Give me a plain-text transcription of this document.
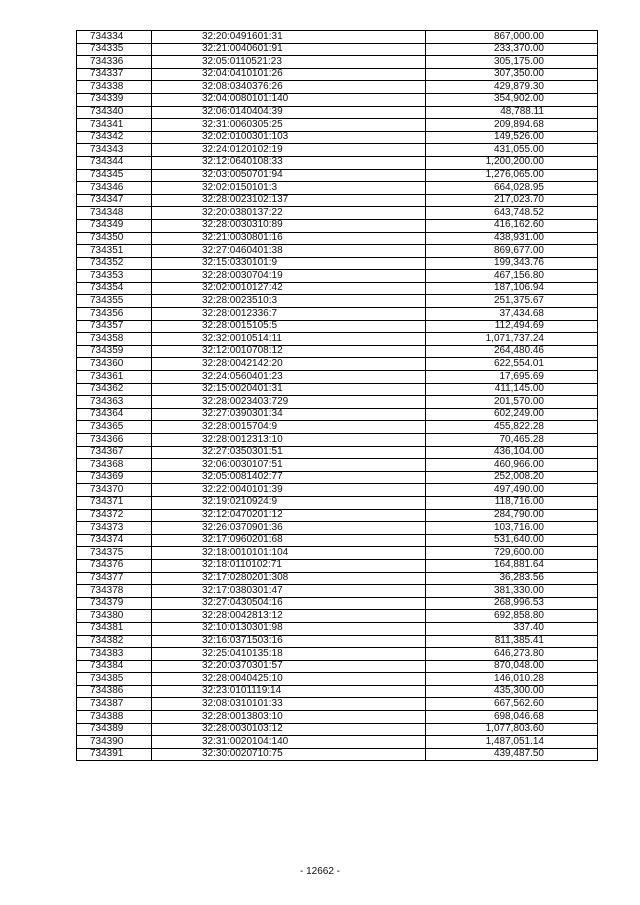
734334	32:20:0491601:31	867,000.00
734335	32:21:0040601:91	233,370.00
734336	32:05:0110521:23	305,175.00
734337	32:04:0410101:26	307,350.00
734338	32:08:0340376:26	429,879.30
734339	32:04:0080101:140	354,902.00
734340	32:06:0140404:39	48,788.11
734341	32:31:0060305:25	209,894.68
734342	32:02:0100301:103	149,526.00
734343	32:24:0120102:19	431,055.00
734344	32:12:0640108:33	1,200,200.00
734345	32:03:0050701:94	1,276,065.00
734346	32:02:0150101:3	664,028.95
734347	32:28:0023102:137	217,023.70
734348	32:20:0380137:22	643,748.52
734349	32:28:0030310:89	416,162.60
734350	32:21:0030801:16	438,931.00
734351	32:27:0460401:38	869,677.00
734352	32:15:0330101:9	199,343.76
734353	32:28:0030704:19	467,156.80
734354	32:02:0010127:42	187,106.94
734355	32:28:0023510:3	251,375.67
734356	32:28:0012336:7	37,434.68
734357	32:28:0015105:5	112,494.69
734358	32:32:0010514:11	1,071,737.24
734359	32:12:0010708:12	264,480.46
734360	32:28:0042142:20	622,554.01
734361	32:24:0560401:23	17,695.69
734362	32:15:0020401:31	411,145.00
734363	32:28:0023403:729	201,570.00
734364	32:27:0390301:34	602,249.00
734365	32:28:0015704:9	455,822.28
734366	32:28:0012313:10	70,465.28
734367	32:27:0350301:51	436,104.00
734368	32:06:0030107:51	460,966.00
734369	32:05:0081402:77	252,008.20
734370	32:22:0040101:39	497,490.00
734371	32:19:0210924:9	118,716.00
734372	32:12:0470201:12	284,790.00
734373	32:26:0370901:36	103,716.00
734374	32:17:0960201:68	531,640.00
734375	32:18:0010101:104	729,600.00
734376	32:18:0110102:71	164,881.64
734377	32:17:0280201:308	36,283.56
734378	32:17:0380301:47	381,330.00
734379	32:27:0430504:16	268,996.53
734380	32:28:0042813:12	692,858.80
734381	32:10:0130301:98	337.40
734382	32:16:0371503:16	811,385.41
734383	32:25:0410135:18	646,273.80
734384	32:20:0370301:57	870,048.00
734385	32:28:0040425:10	146,010.28
734386	32:23:0101119:14	435,300.00
734387	32:08:0310101:33	667,562.60
734388	32:28:0013803:10	698,046.68
734389	32:28:0030103:12	1,077,803.60
734390	32:31:0020104:140	1,487,051.14
734391	32:30:0020710:75	439,487.50
- 12662 -
